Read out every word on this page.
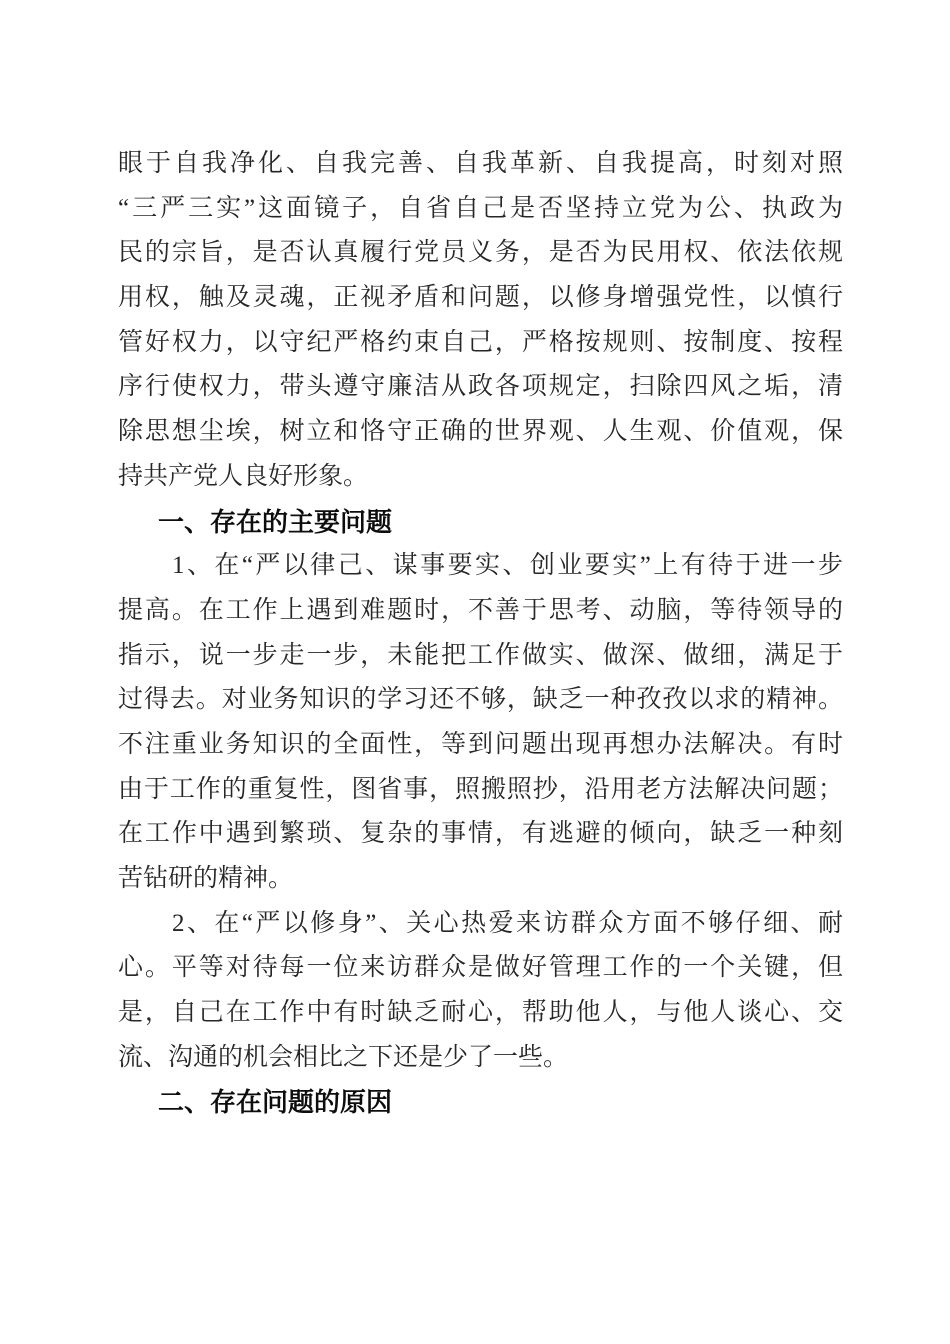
眼于自我净化、自我完善、自我革新、自我提高，时刻对照
“三严三实”这面镜子，自省自己是否坚持立党为公、执政为
民的宗旨，是否认真履行党员义务，是否为民用权、依法依规
用权，触及灵魂，正视矛盾和问题，以修身增强党性，以慎行
管好权力，以守纪严格约束自己，严格按规则、按制度、按程
序行使权力，带头遵守廉洁从政各项规定，扫除四风之垢，清
除思想尘埃，树立和恪守正确的世界观、人生观、价值观，保
持共产党人良好形象。
一、存在的主要问题
1、在“严以律己、谋事要实、创业要实”上有待于进一步
提高。在工作上遇到难题时，不善于思考、动脑，等待领导的
指示，说一步走一步，未能把工作做实、做深、做细，满足于
过得去。对业务知识的学习还不够，缺乏一种孜孜以求的精神。
不注重业务知识的全面性，等到问题出现再想办法解决。有时
由于工作的重复性，图省事，照搬照抄，沿用老方法解决问题；
在工作中遇到繁琐、复杂的事情，有逃避的倾向，缺乏一种刻
苦钻研的精神。
2、在“严以修身”、关心热爱来访群众方面不够仔细、耐
心。平等对待每一位来访群众是做好管理工作的一个关键，但
是，自己在工作中有时缺乏耐心，帮助他人，与他人谈心、交
流、沟通的机会相比之下还是少了一些。
二、存在问题的原因
